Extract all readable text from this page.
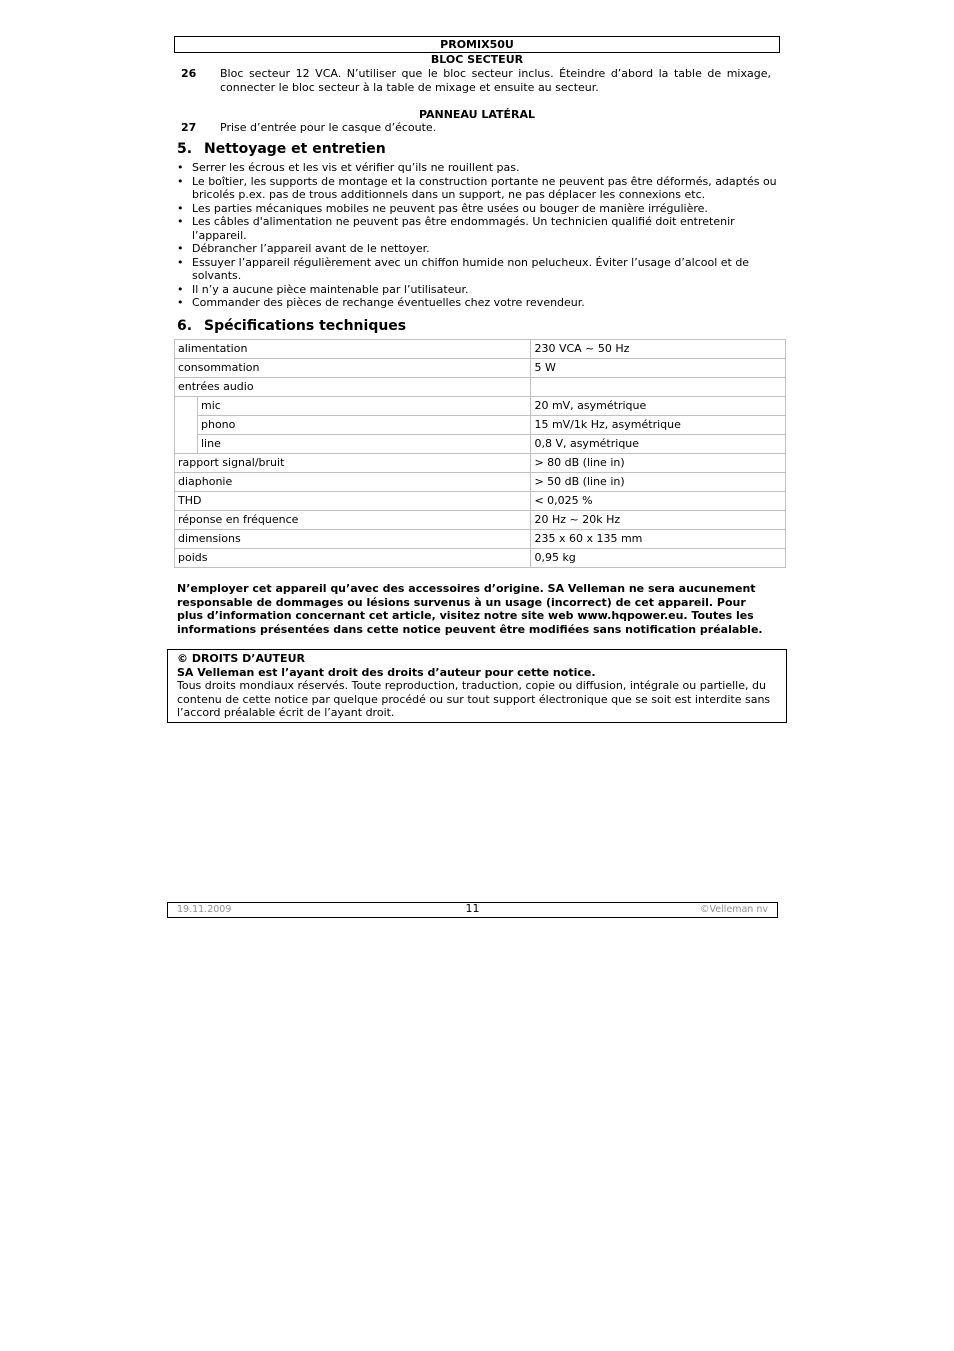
PROMIX50U
BLOC SECTEUR
26 Bloc secteur 12 VCA. N’utiliser que le bloc secteur inclus. Éteindre d’abord la table de mixage, connecter le bloc secteur à la table de mixage et ensuite au secteur.
PANNEAU LATÉRAL
27 Prise d’entrée pour le casque d’écoute.
5. Nettoyage et entretien
• Serrer les écrous et les vis et vérifier qu’ils ne rouillent pas.
• Le boîtier, les supports de montage et la construction portante ne peuvent pas être déformés, adaptés ou bricolés p.ex. pas de trous additionnels dans un support, ne pas déplacer les connexions etc.
• Les parties mécaniques mobiles ne peuvent pas être usées ou bouger de manière irrégulière.
• Les câbles d'alimentation ne peuvent pas être endommagés. Un technicien qualifié doit entretenir l’appareil.
• Débrancher l’appareil avant de le nettoyer.
• Essuyer l’appareil régulièrement avec un chiffon humide non pelucheux. Éviter l’usage d’alcool et de solvants.
• Il n’y a aucune pièce maintenable par l’utilisateur.
• Commander des pièces de rechange éventuelles chez votre revendeur.
6. Spécifications techniques
alimentation		230 VCA ~ 50 Hz
consommation		5 W
entrées audio		
	mic	20 mV, asymétrique
	phono	15 mV/1k Hz, asymétrique
	line	0,8 V, asymétrique
rapport signal/bruit		> 80 dB (line in)
diaphonie		> 50 dB (line in)
THD		< 0,025 %
réponse en fréquence		20 Hz ~ 20k Hz
dimensions		235 x 60 x 135 mm
poids		0,95 kg
N’employer cet appareil qu’avec des accessoires d’origine. SA Velleman ne sera aucunement responsable de dommages ou lésions survenus à un usage (incorrect) de cet appareil. Pour plus d’information concernant cet article, visitez notre site web www.hqpower.eu. Toutes les informations présentées dans cette notice peuvent être modifiées sans notification préalable.
© DROITS D’AUTEUR
SA Velleman est l’ayant droit des droits d’auteur pour cette notice.
Tous droits mondiaux réservés. Toute reproduction, traduction, copie ou diffusion, intégrale ou partielle, du contenu de cette notice par quelque procédé ou sur tout support électronique que se soit est interdite sans l’accord préalable écrit de l’ayant droit.
19.11.2009	11	©Velleman nv
